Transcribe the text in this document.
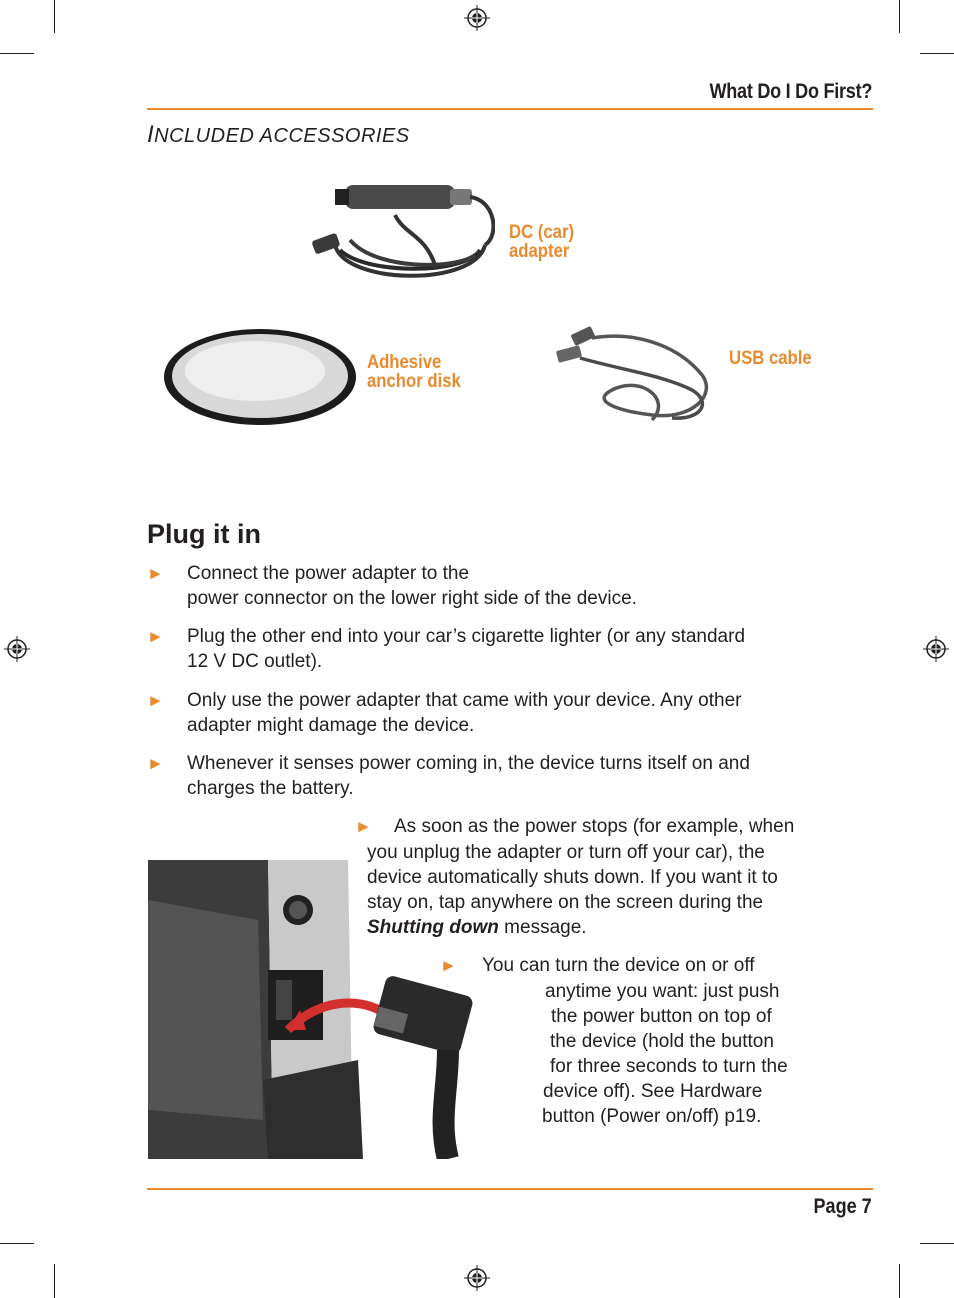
What Do I Do First?
INCLUDED ACCESSORIES
DC (car)
adapter
Adhesive
anchor disk
USB cable
Plug it in
► Connect the power adapter to the
power connector on the lower right side of the device.
► Plug the other end into your car’s cigarette lighter (or any standard
12 V DC outlet).
► Only use the power adapter that came with your device. Any other
adapter might damage the device.
► Whenever it senses power coming in, the device turns itself on and
charges the battery.
► As soon as the power stops (for example, when
you unplug the adapter or turn off your car), the
device automatically shuts down. If you want it to
stay on, tap anywhere on the screen during the
Shutting down message.
► You can turn the device on or off
anytime you want: just push
the power button on top of
the device (hold the button
for three seconds to turn the
device off). See Hardware
button (Power on/off) p19.
Page 7
